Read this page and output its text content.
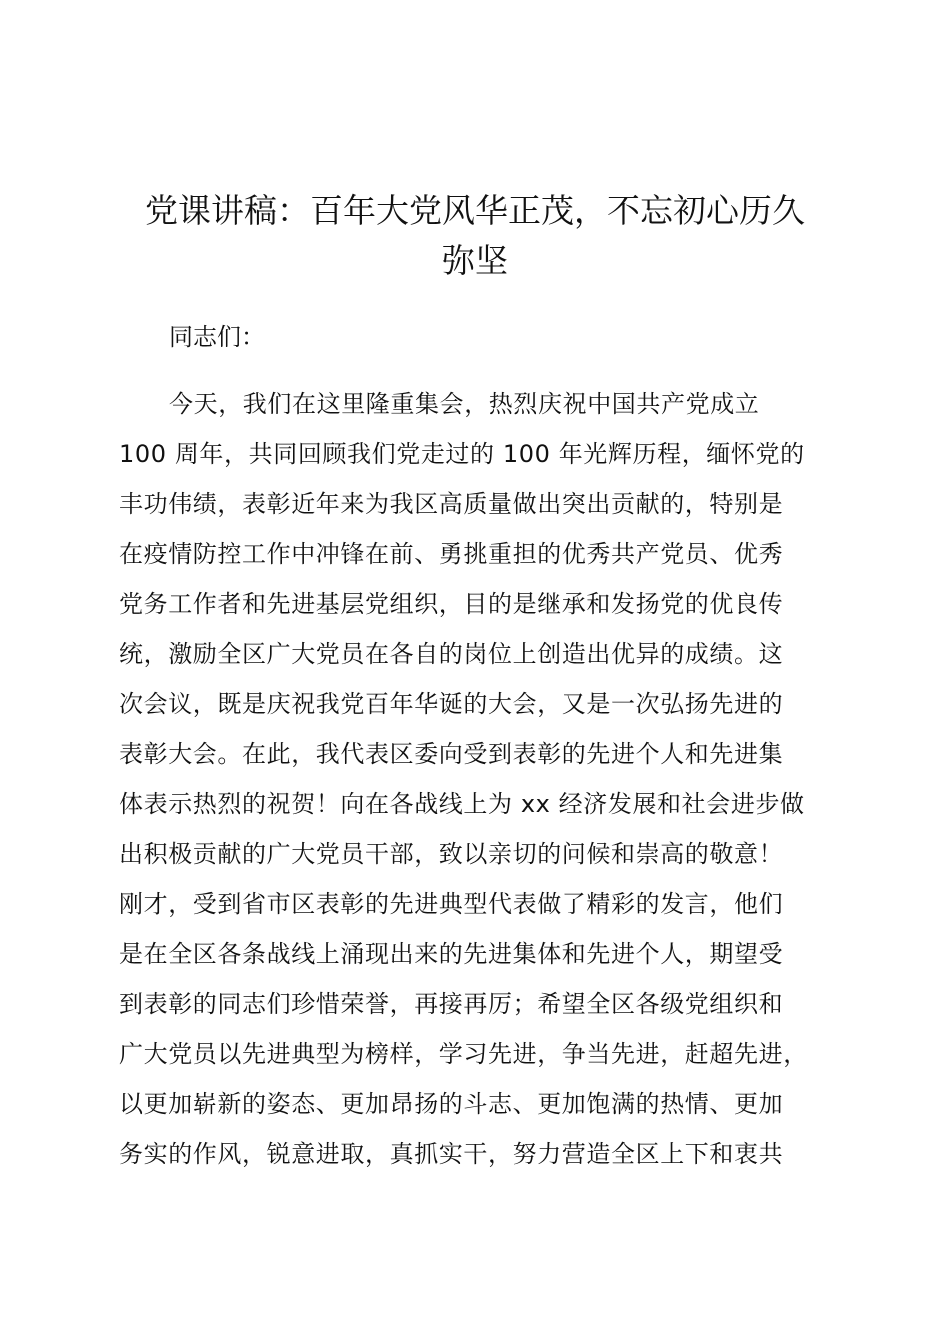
党课讲稿：百年大党风华正茂，不忘初心历久
弥坚

同志们：

今天，我们在这里隆重集会，热烈庆祝中国共产党成立
100 周年，共同回顾我们党走过的 100 年光辉历程，缅怀党的
丰功伟绩，表彰近年来为我区高质量做出突出贡献的，特别是
在疫情防控工作中冲锋在前、勇挑重担的优秀共产党员、优秀
党务工作者和先进基层党组织，目的是继承和发扬党的优良传
统，激励全区广大党员在各自的岗位上创造出优异的成绩。这
次会议，既是庆祝我党百年华诞的大会，又是一次弘扬先进的
表彰大会。在此，我代表区委向受到表彰的先进个人和先进集
体表示热烈的祝贺！向在各战线上为 xx 经济发展和社会进步做
出积极贡献的广大党员干部，致以亲切的问候和崇高的敬意！
刚才，受到省市区表彰的先进典型代表做了精彩的发言，他们
是在全区各条战线上涌现出来的先进集体和先进个人，期望受
到表彰的同志们珍惜荣誉，再接再厉；希望全区各级党组织和
广大党员以先进典型为榜样，学习先进，争当先进，赶超先进，
以更加崭新的姿态、更加昂扬的斗志、更加饱满的热情、更加
务实的作风，锐意进取，真抓实干，努力营造全区上下和衷共
